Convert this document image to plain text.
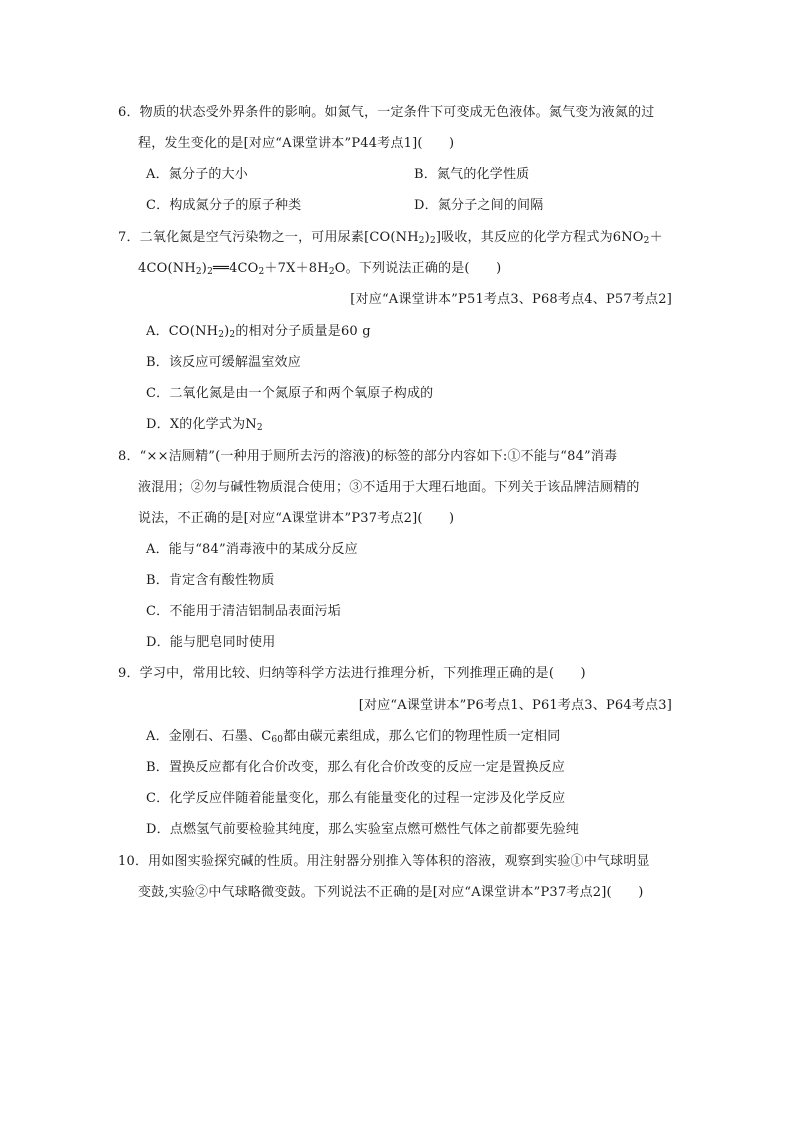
6．物质的状态受外界条件的影响。如氮气，一定条件下可变成无色液体。氮气变为液氮的过
程，发生变化的是[对应“A课堂讲本”P44考点1](　　)
A．氮分子的大小	B．氮气的化学性质
C．构成氮分子的原子种类	D．氮分子之间的间隔
7．二氧化氮是空气污染物之一，可用尿素$[CO(NH_2)_2]$吸收，其反应的化学方程式为$6NO_2+$
$4CO(NH_2)_2══4CO_2+7X+8H_2O$。下列说法正确的是(　　)
[对应“A课堂讲本”P51考点3、P68考点4、P57考点2]
A．$CO(NH_2)_2$的相对分子质量是60 g
B．该反应可缓解温室效应
C．二氧化氮是由一个氮原子和两个氧原子构成的
D．X的化学式为$N_2$
8．“××洁厕精”(一种用于厕所去污的溶液)的标签的部分内容如下:①不能与“84”消毒
液混用；②勿与碱性物质混合使用；③不适用于大理石地面。下列关于该品牌洁厕精的
说法，不正确的是[对应“A课堂讲本”P37考点2](　　)
A．能与“84”消毒液中的某成分反应
B．肯定含有酸性物质
C．不能用于清洁铝制品表面污垢
D．能与肥皂同时使用
9．学习中，常用比较、归纳等科学方法进行推理分析，下列推理正确的是(　　)
[对应“A课堂讲本”P6考点1、P61考点3、P64考点3]
A．金刚石、石墨、$C_{60}$都由碳元素组成，那么它们的物理性质一定相同
B．置换反应都有化合价改变，那么有化合价改变的反应一定是置换反应
C．化学反应伴随着能量变化，那么有能量变化的过程一定涉及化学反应
D．点燃氢气前要检验其纯度，那么实验室点燃可燃性气体之前都要先验纯
10．用如图实验探究碱的性质。用注射器分别推入等体积的溶液，观察到实验①中气球明显
变鼓,实验②中气球略微变鼓。下列说法不正确的是[对应“A课堂讲本”P37考点2](　　)
